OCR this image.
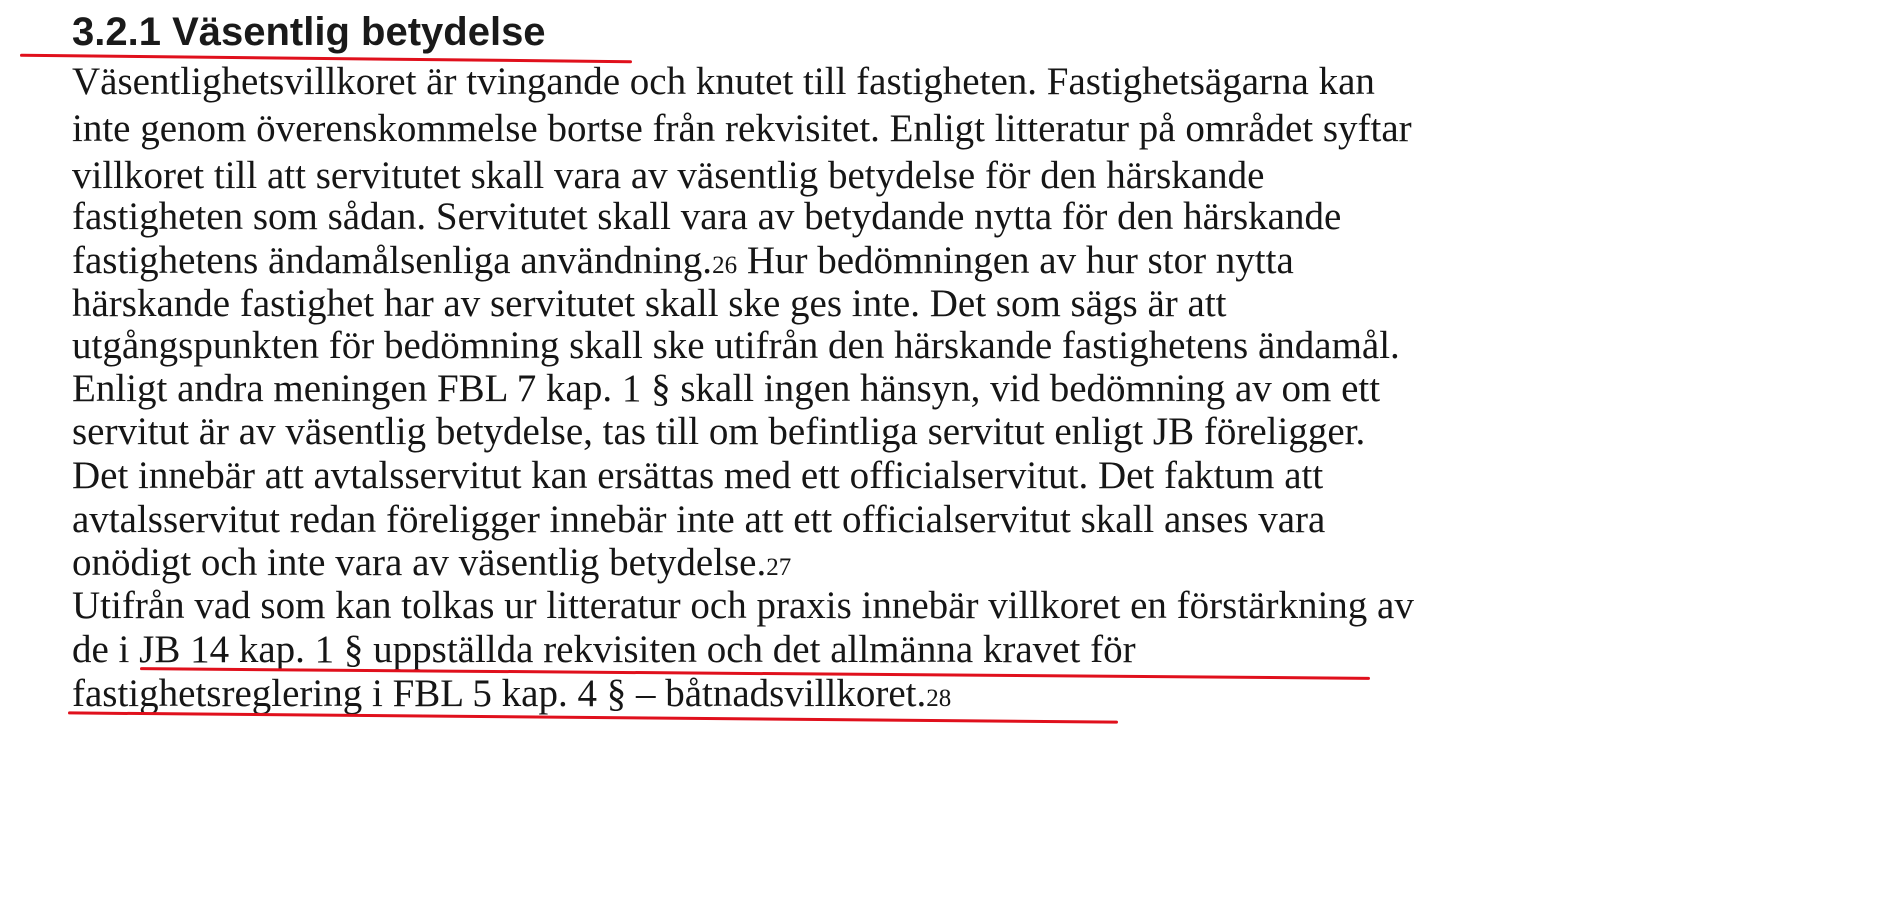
3.2.1 Väsentlig betydelse
Väsentlighetsvillkoret är tvingande och knutet till fastigheten. Fastighetsägarna kan
inte genom överenskommelse bortse från rekvisitet. Enligt litteratur på området syftar
villkoret till att servitutet skall vara av väsentlig betydelse för den härskande
fastigheten som sådan. Servitutet skall vara av betydande nytta för den härskande
fastighetens ändamålsenliga användning.26 Hur bedömningen av hur stor nytta
härskande fastighet har av servitutet skall ske ges inte. Det som sägs är att
utgångspunkten för bedömning skall ske utifrån den härskande fastighetens ändamål.
Enligt andra meningen FBL 7 kap. 1 § skall ingen hänsyn, vid bedömning av om ett
servitut är av väsentlig betydelse, tas till om befintliga servitut enligt JB föreligger.
Det innebär att avtalsservitut kan ersättas med ett officialservitut. Det faktum att
avtalsservitut redan föreligger innebär inte att ett officialservitut skall anses vara
onödigt och inte vara av väsentlig betydelse.27
Utifrån vad som kan tolkas ur litteratur och praxis innebär villkoret en förstärkning av
de i JB 14 kap. 1 § uppställda rekvisiten och det allmänna kravet för
fastighetsreglering i FBL 5 kap. 4 § – båtnadsvillkoret.28
